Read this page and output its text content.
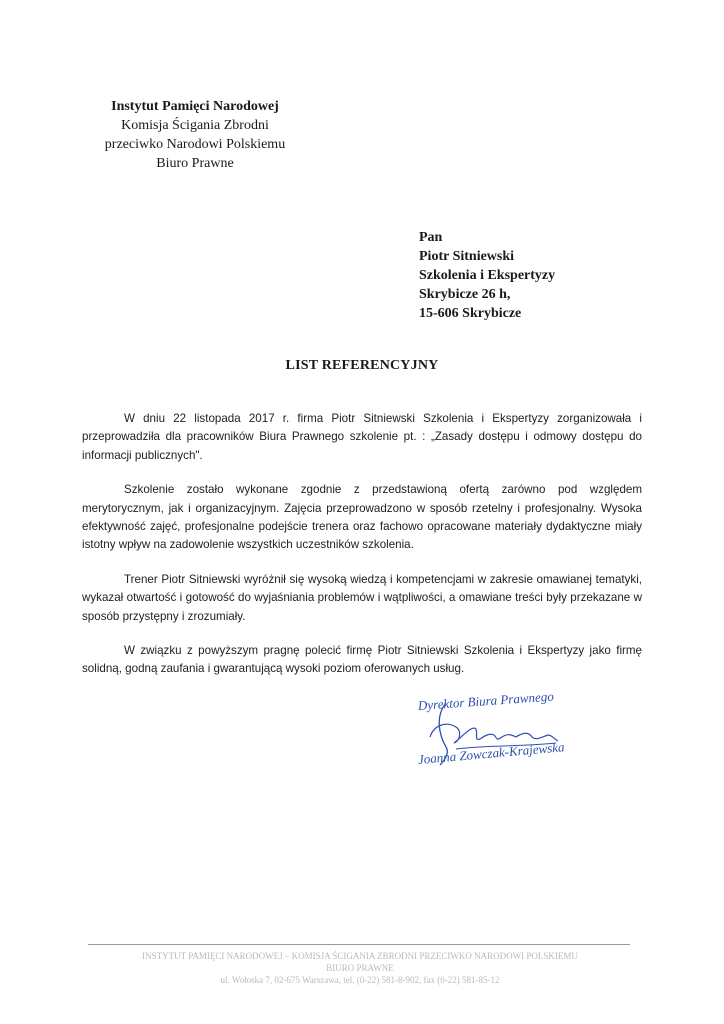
Instytut Pamięci Narodowej
Komisja Ścigania Zbrodni
przeciwko Narodowi Polskiemu
Biuro Prawne
Pan
Piotr Sitniewski
Szkolenia i Ekspertyzy
Skrybicze 26 h,
15-606 Skrybicze
LIST REFERENCYJNY

W dniu 22 listopada 2017 r. firma Piotr Sitniewski Szkolenia i Ekspertyzy zorganizowała i przeprowadziła dla pracowników Biura Prawnego szkolenie pt. : „Zasady dostępu i odmowy dostępu do informacji publicznych".

Szkolenie zostało wykonane zgodnie z przedstawioną ofertą zarówno pod względem merytorycznym, jak i organizacyjnym. Zajęcia przeprowadzono w sposób rzetelny i profesjonalny. Wysoka efektywność zajęć, profesjonalne podejście trenera oraz fachowo opracowane materiały dydaktyczne miały istotny wpływ na zadowolenie wszystkich uczestników szkolenia.

Trener Piotr Sitniewski wyróżnił się wysoką wiedzą i kompetencjami w zakresie omawianej tematyki, wykazał otwartość i gotowość do wyjaśniania problemów i wątpliwości, a omawiane treści były przekazane w sposób przystępny i zrozumiały.

W związku z powyższym pragnę polecić firmę Piotr Sitniewski Szkolenia i Ekspertyzy jako firmę solidną, godną zaufania i gwarantującą wysoki poziom oferowanych usług.

Dyrektor Biura Prawnego
Joanna Zowczak-Krajewska
INSTYTUT PAMIĘCI NARODOWEJ – KOMISJA ŚCIGANIA ZBRODNI PRZECIWKO NARODOWI POLSKIEMU
BIURO PRAWNE
ul. Wołoska 7, 02-675 Warszawa, tel. (0-22) 581-8-902, fax (0-22) 581-85-12
